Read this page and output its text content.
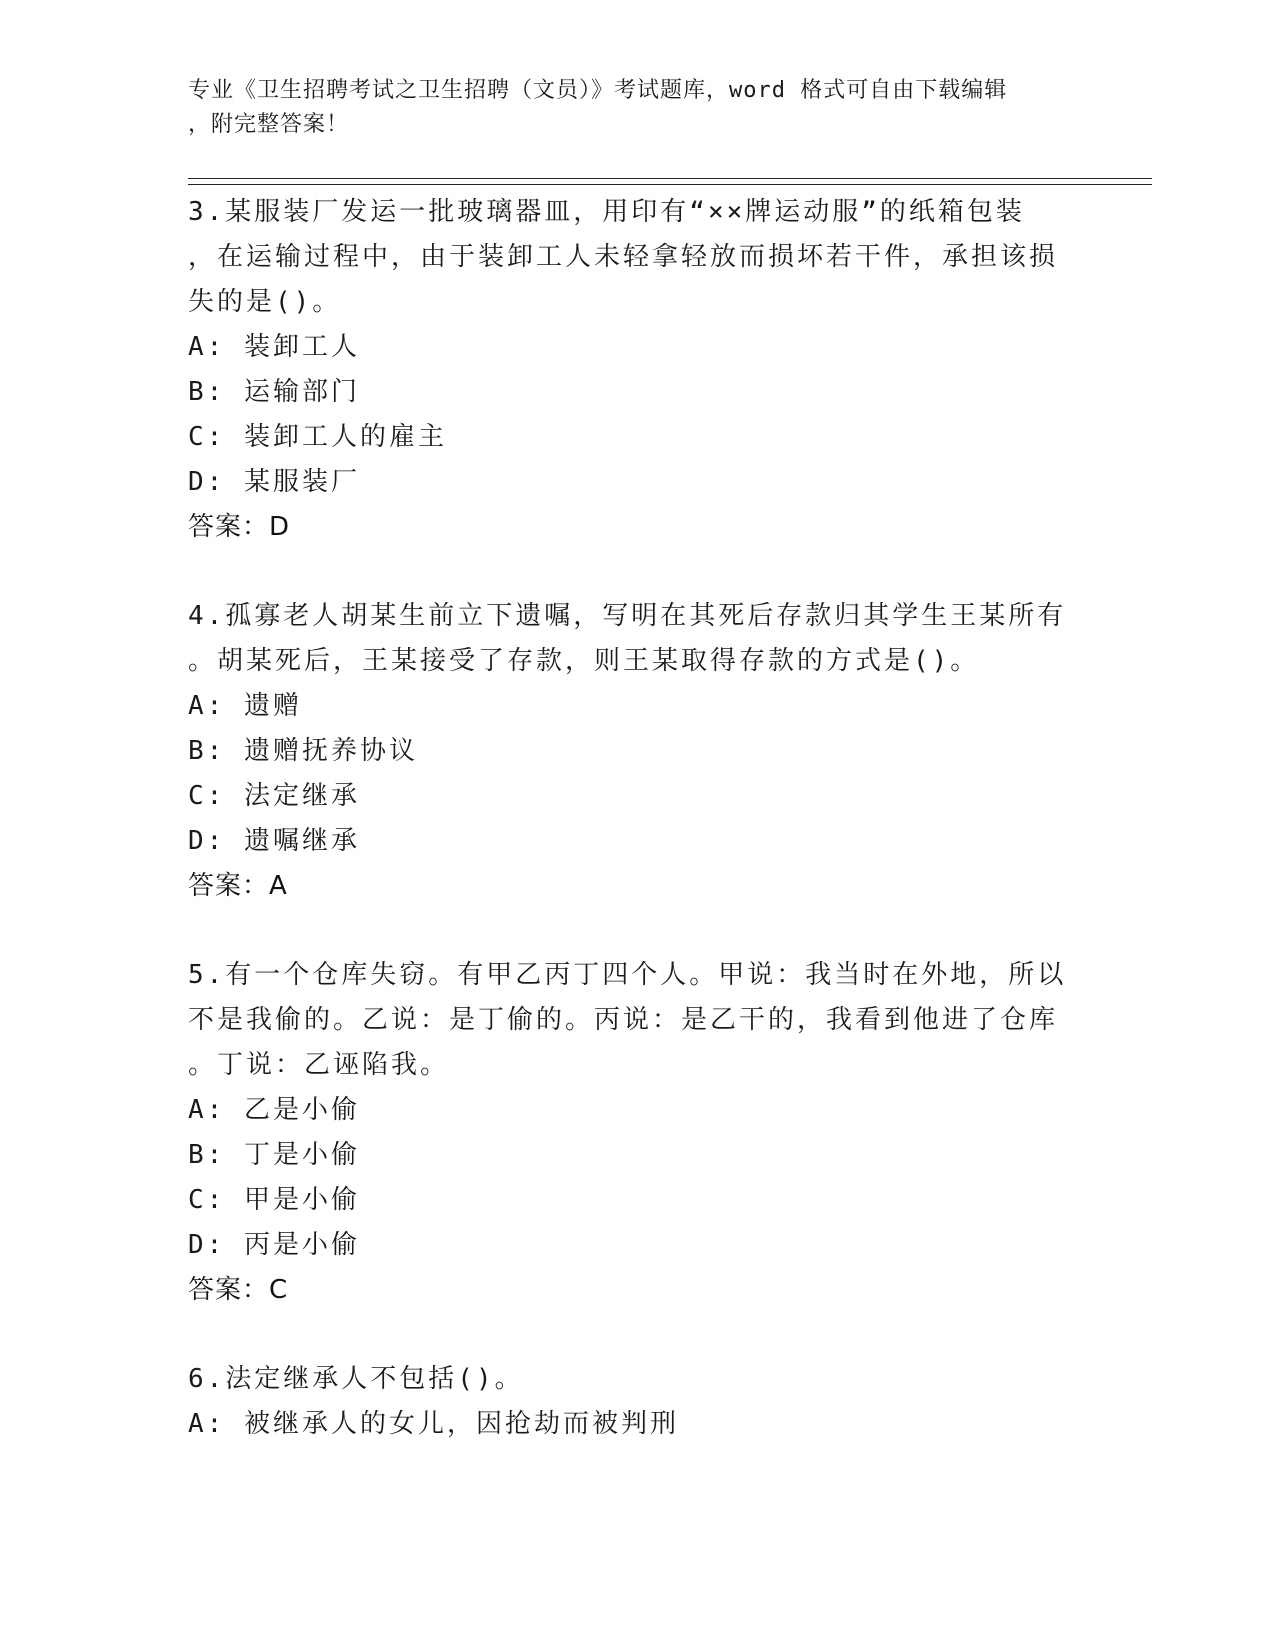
专业《卫生招聘考试之卫生招聘（文员）》考试题库，word 格式可自由下载编辑
，附完整答案！

3.某服装厂发运一批玻璃器皿，用印有“××牌运动服”的纸箱包装
，在运输过程中，由于装卸工人未轻拿轻放而损坏若干件，承担该损
失的是()。

A: 装卸工人

B: 运输部门

C: 装卸工人的雇主

D: 某服装厂

答案：D

4.孤寡老人胡某生前立下遗嘱，写明在其死后存款归其学生王某所有
。胡某死后，王某接受了存款，则王某取得存款的方式是()。

A: 遗赠

B: 遗赠抚养协议

C: 法定继承

D: 遗嘱继承

答案：A

5.有一个仓库失窃。有甲乙丙丁四个人。甲说：我当时在外地，所以
不是我偷的。乙说：是丁偷的。丙说：是乙干的，我看到他进了仓库
。丁说：乙诬陷我。

A: 乙是小偷

B: 丁是小偷

C: 甲是小偷

D: 丙是小偷

答案：C

6.法定继承人不包括()。

A: 被继承人的女儿，因抢劫而被判刑
